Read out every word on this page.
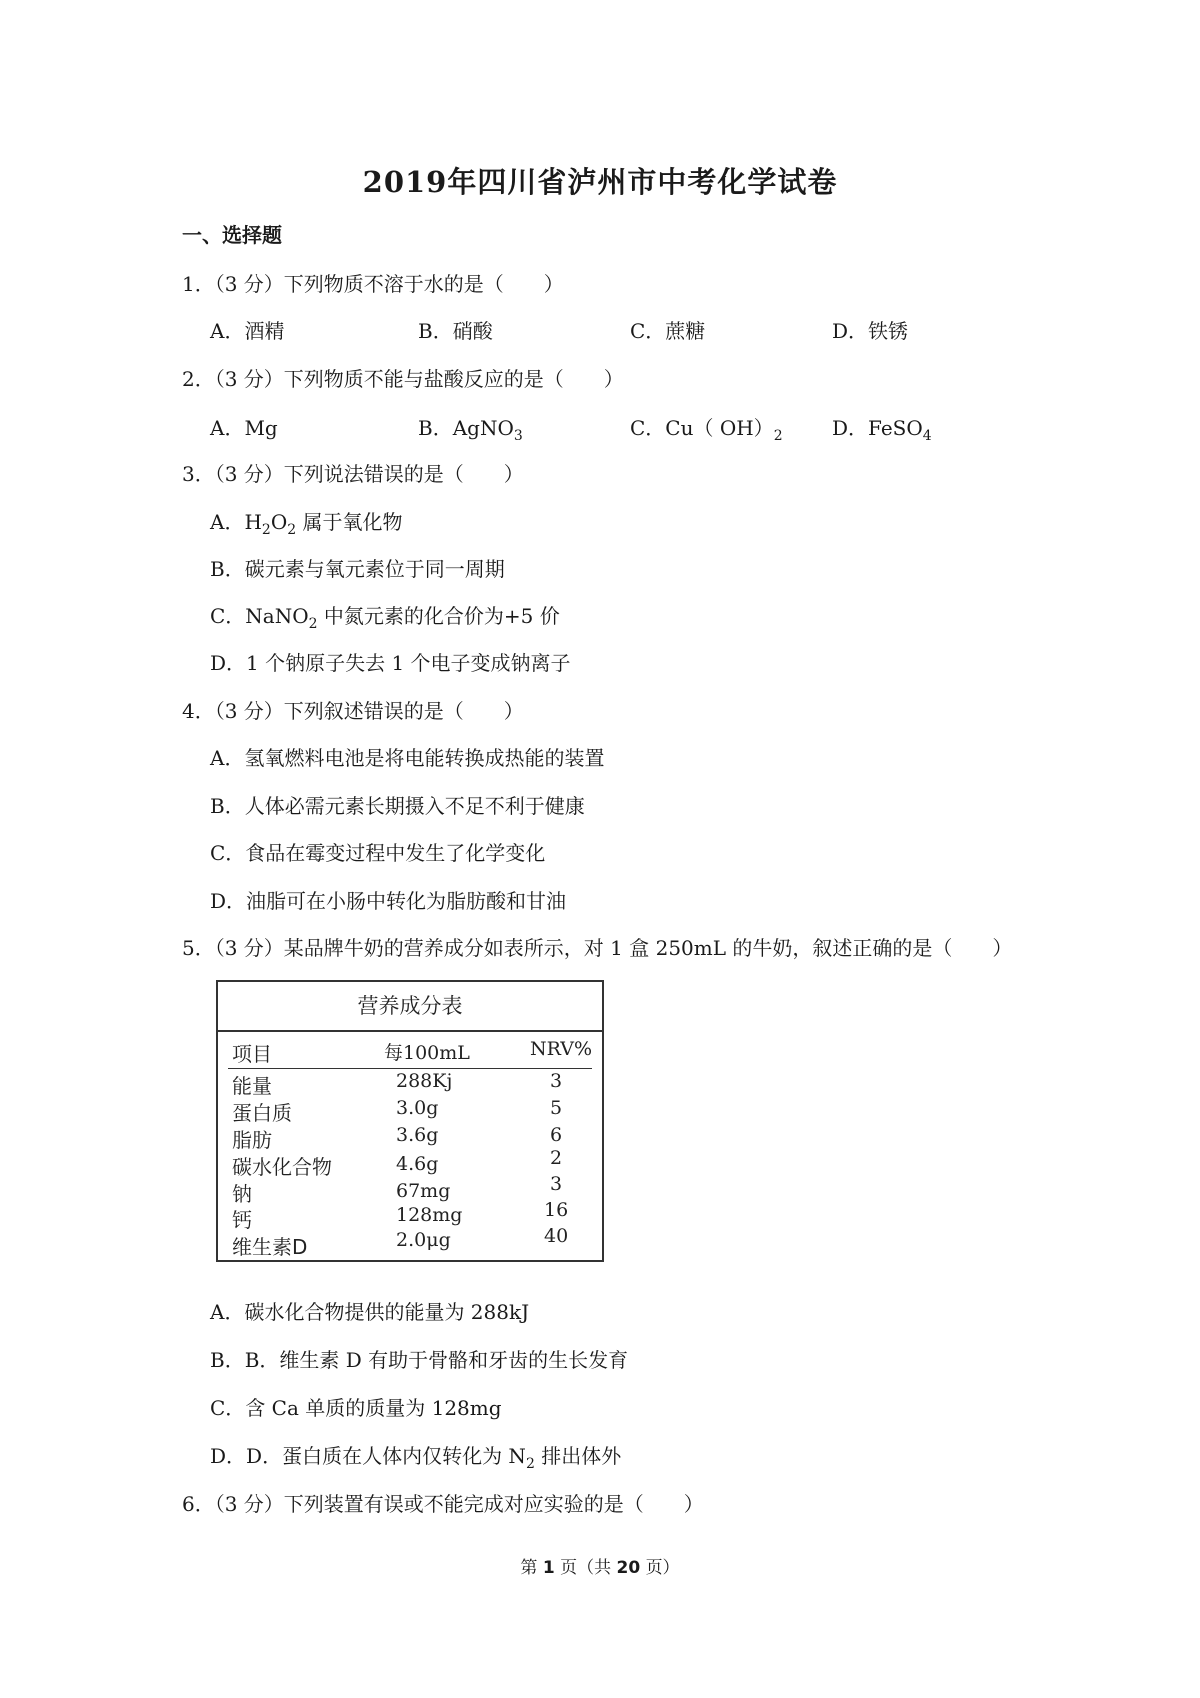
2019年四川省泸州市中考化学试卷
一、选择题
1．（3 分）下列物质不溶于水的是（　　）
A．酒精	B．硝酸	C．蔗糖	D．铁锈
2．（3 分）下列物质不能与盐酸反应的是（　　）
A．Mg	B．AgNO$_3$	C．Cu（ $OH)_2$ D．FeSO$_4$
3．（3 分）下列说法错误的是（　　）
A．$H_2O_2$ 属于氧化物
B．碳元素与氧元素位于同一周期
C．NaNO$_2$ 中氮元素的化合价为+5 价
D．1 个钠原子失去 1 个电子变成钠离子
4．（3 分）下列叙述错误的是（　　）
A．氢氧燃料电池是将电能转换成热能的装置
B．人体必需元素长期摄入不足不利于健康
C．食品在霉变过程中发生了化学变化
D．油脂可在小肠中转化为脂肪酸和甘油
5．（3 分）某品牌牛奶的营养成分如表所示，对 1 盒 250mL 的牛奶，叙述正确的是（　　）
营养成分表
项目	每100mL	NRV%
能量	288Kj	3
蛋白质	3.0g	5
脂肪	3.6g	6
碳水化合物	4.6g	2
钠	67mg	3
钙	128mg	16
维生素D	2.0μg	40
A．碳水化合物提供的能量为 288kJ
B．B．维生素 D 有助于骨骼和牙齿的生长发育
C．含 Ca 单质的质量为 128mg
D．D．蛋白质在人体内仅转化为 $N_2$ 排出体外
6．（3 分）下列装置有误或不能完成对应实验的是（　　）
第 1 页（共 20 页）
